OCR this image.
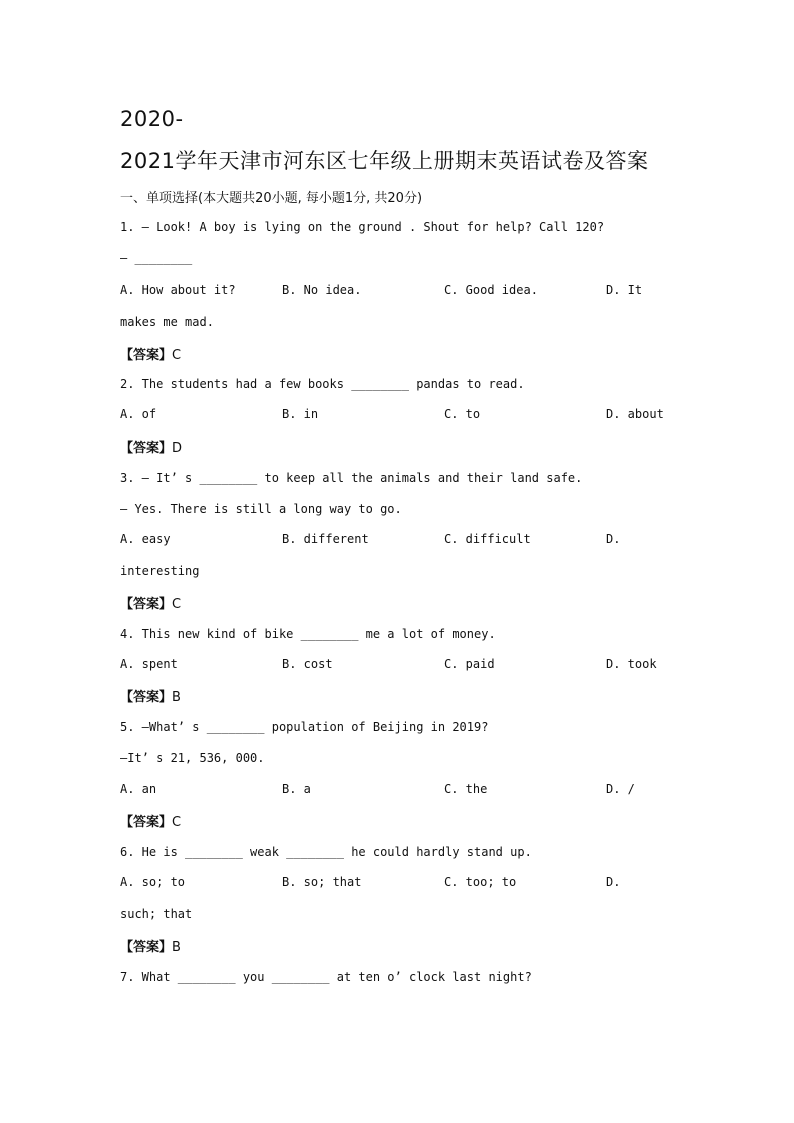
2020-
2021学年天津市河东区七年级上册期末英语试卷及答案
一、单项选择(本大题共20小题, 每小题1分, 共20分)
1. — Look! A boy is lying on the ground . Shout for help? Call 120?
— ________
A. How about it?	B. No idea.	C. Good idea.	D. It
makes me mad.
【答案】C
2. The students had a few books ________ pandas to read.
A. of	B. in	C. to	D. about
【答案】D
3. — It’ s ________ to keep all the animals and their land safe.
— Yes. There is still a long way to go.
A. easy	B. different	C. difficult	D.
interesting
【答案】C
4. This new kind of bike ________ me a lot of money.
A. spent	B. cost	C. paid	D. took
【答案】B
5. —What’ s ________ population of Beijing in 2019?
—It’ s 21, 536, 000.
A. an	B. a	C. the	D. /
【答案】C
6. He is ________ weak ________ he could hardly stand up.
A. so; to	B. so; that	C. too; to	D.
such; that
【答案】B
7. What ________ you ________ at ten o’ clock last night?
